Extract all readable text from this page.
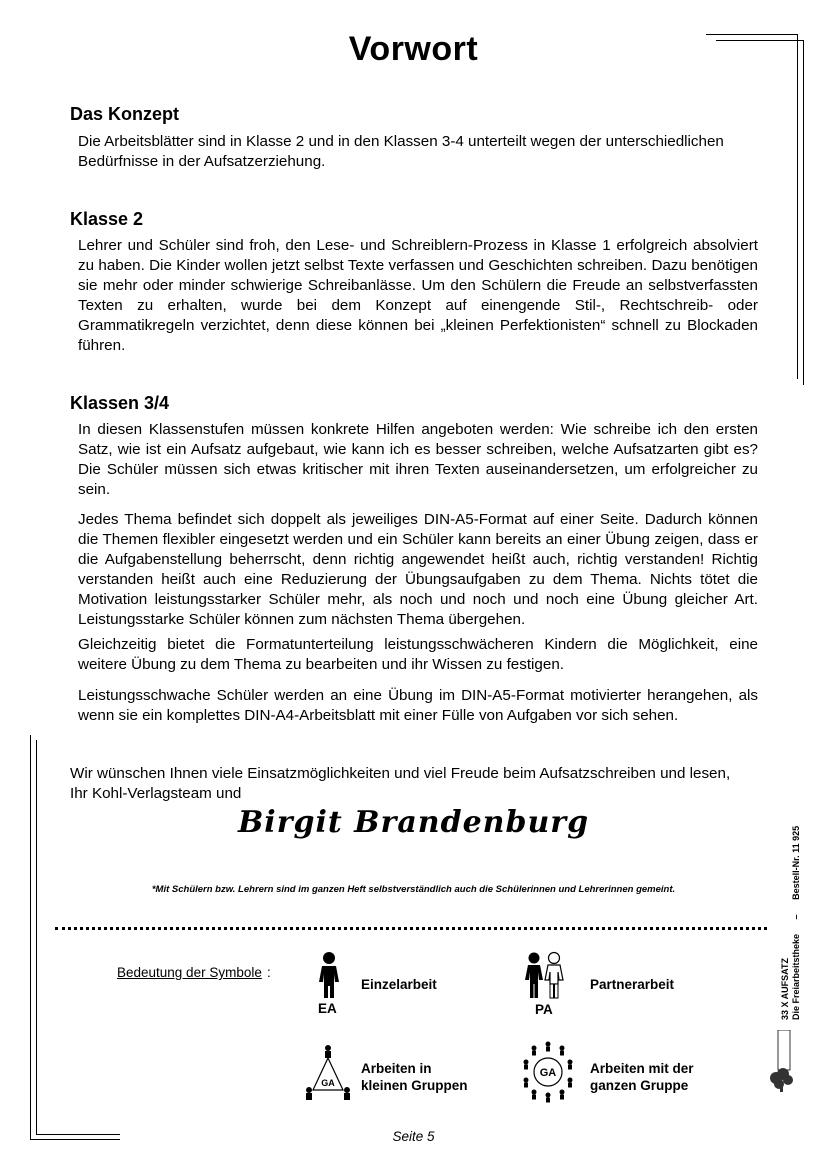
Vorwort
Das Konzept
Die Arbeitsblätter sind in Klasse 2 und in den Klassen 3-4 unterteilt wegen der unterschiedlichen Bedürfnisse in der Aufsatzerziehung.
Klasse 2
Lehrer und Schüler sind froh, den Lese- und Schreiblern-Prozess in Klasse 1 erfolgreich absolviert zu haben. Die Kinder wollen jetzt selbst Texte verfassen und Geschichten schreiben. Dazu benötigen sie mehr oder minder schwierige Schreibanlässe. Um den Schülern die Freude an selbstverfassten Texten zu erhalten, wurde bei dem Konzept auf einengende Stil-, Rechtschreib- oder Grammatikregeln verzichtet, denn diese können bei „kleinen Perfektionisten“ schnell zu Blockaden führen.
Klassen 3/4
In diesen Klassenstufen müssen konkrete Hilfen angeboten werden: Wie schreibe ich den ersten Satz, wie ist ein Aufsatz aufgebaut, wie kann ich es besser schreiben, welche Aufsatzarten gibt es? Die Schüler müssen sich etwas kritischer mit ihren Texten auseinandersetzen, um erfolgreicher zu sein.
Jedes Thema befindet sich doppelt als jeweiliges DIN-A5-Format auf einer Seite. Dadurch können die Themen flexibler eingesetzt werden und ein Schüler kann bereits an einer Übung zeigen, dass er die Aufgabenstellung beherrscht, denn richtig angewendet heißt auch, richtig verstanden! Richtig verstanden heißt auch eine Reduzierung der Übungsaufgaben zu dem Thema. Nichts tötet die Motivation leistungsstarker Schüler mehr, als noch und noch und noch eine Übung gleicher Art. Leistungsstarke Schüler können zum nächsten Thema übergehen.
Gleichzeitig bietet die Formatunterteilung leistungsschwächeren Kindern die Möglichkeit, eine weitere Übung zu dem Thema zu bearbeiten und ihr Wissen zu festigen.
Leistungsschwache Schüler werden an eine Übung im DIN-A5-Format motivierter herangehen, als wenn sie ein komplettes DIN-A4-Arbeitsblatt mit einer Fülle von Aufgaben vor sich sehen.
Wir wünschen Ihnen viele Einsatzmöglichkeiten und viel Freude beim Aufsatzschreiben und lesen,
Ihr Kohl-Verlagsteam und
Birgit Brandenburg
*Mit Schülern bzw. Lehrern sind im ganzen Heft selbstverständlich auch die Schülerinnen und Lehrerinnen gemeint.
Bedeutung der Symbole :
EA
Einzelarbeit
PA
Partnerarbeit
GA
Arbeiten in
kleinen Gruppen
GA	Arbeiten mit der
ganzen Gruppe
33 X AUFSATZ Die Freiarbeitstheke – Bestell-Nr. 11 925
Seite 5
